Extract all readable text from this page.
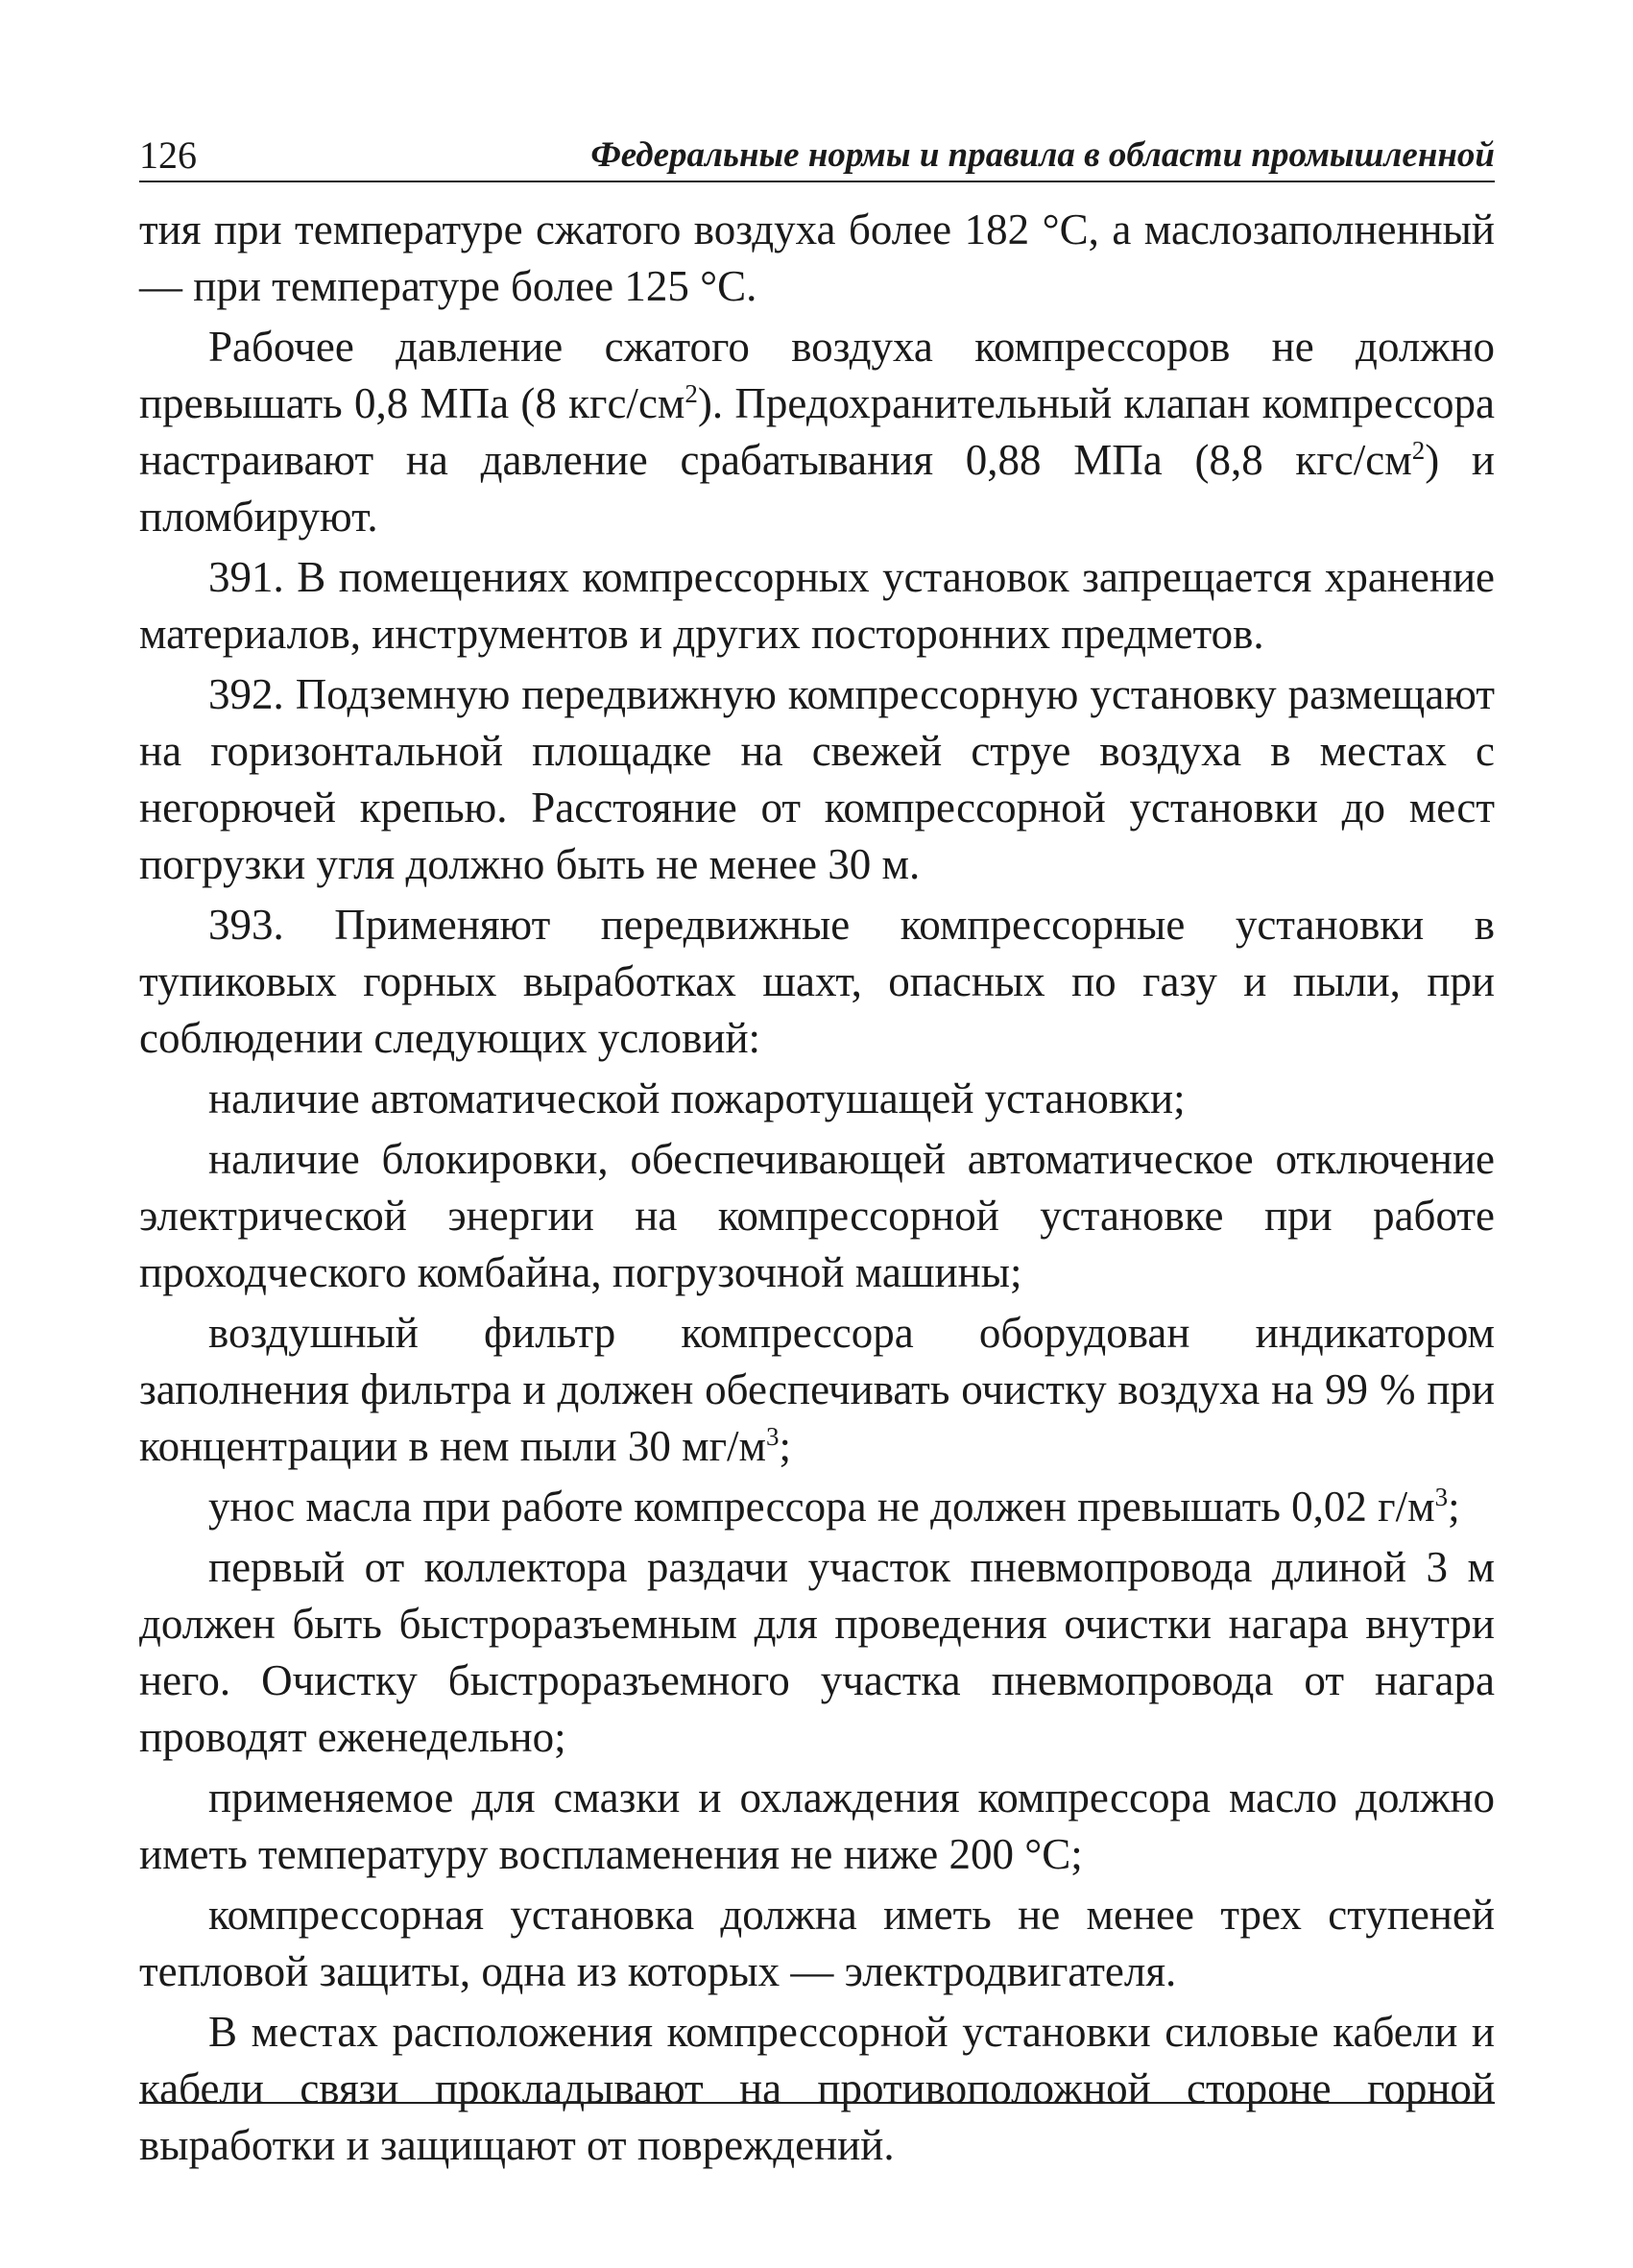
126	Федеральные нормы и правила в области промышленной

тия при температуре сжатого воздуха более 182 °C, а маслозаполненный — при температуре более 125 °C.

Рабочее давление сжатого воздуха компрессоров не должно превышать 0,8 МПа (8 кгс/$см^2$). Предохранительный клапан компрессора настраивают на давление срабатывания 0,88 МПа (8,8 кгс/$см^2$) и пломбируют.

391. В помещениях компрессорных установок запрещается хранение материалов, инструментов и других посторонних предметов.

392. Подземную передвижную компрессорную установку размещают на горизонтальной площадке на свежей струе воздуха в местах с негорючей крепью. Расстояние от компрессорной установки до мест погрузки угля должно быть не менее 30 м.

393. Применяют передвижные компрессорные установки в тупиковых горных выработках шахт, опасных по газу и пыли, при соблюдении следующих условий:

наличие автоматической пожаротушащей установки;

наличие блокировки, обеспечивающей автоматическое отключение электрической энергии на компрессорной установке при работе проходческого комбайна, погрузочной машины;

воздушный фильтр компрессора оборудован индикатором заполнения фильтра и должен обеспечивать очистку воздуха на 99 % при концентрации в нем пыли 30 $мг/м^3$;

унос масла при работе компрессора не должен превышать 0,02 $г/м^3$;

первый от коллектора раздачи участок пневмопровода длиной 3 м должен быть быстроразъемным для проведения очистки нагара внутри него. Очистку быстроразъемного участка пневмопровода от нагара проводят еженедельно;

применяемое для смазки и охлаждения компрессора масло должно иметь температуру воспламенения не ниже 200 °C;

компрессорная установка должна иметь не менее трех ступеней тепловой защиты, одна из которых — электродвигателя.

В местах расположения компрессорной установки силовые кабели и кабели связи прокладывают на противоположной стороне горной выработки и защищают от повреждений.
